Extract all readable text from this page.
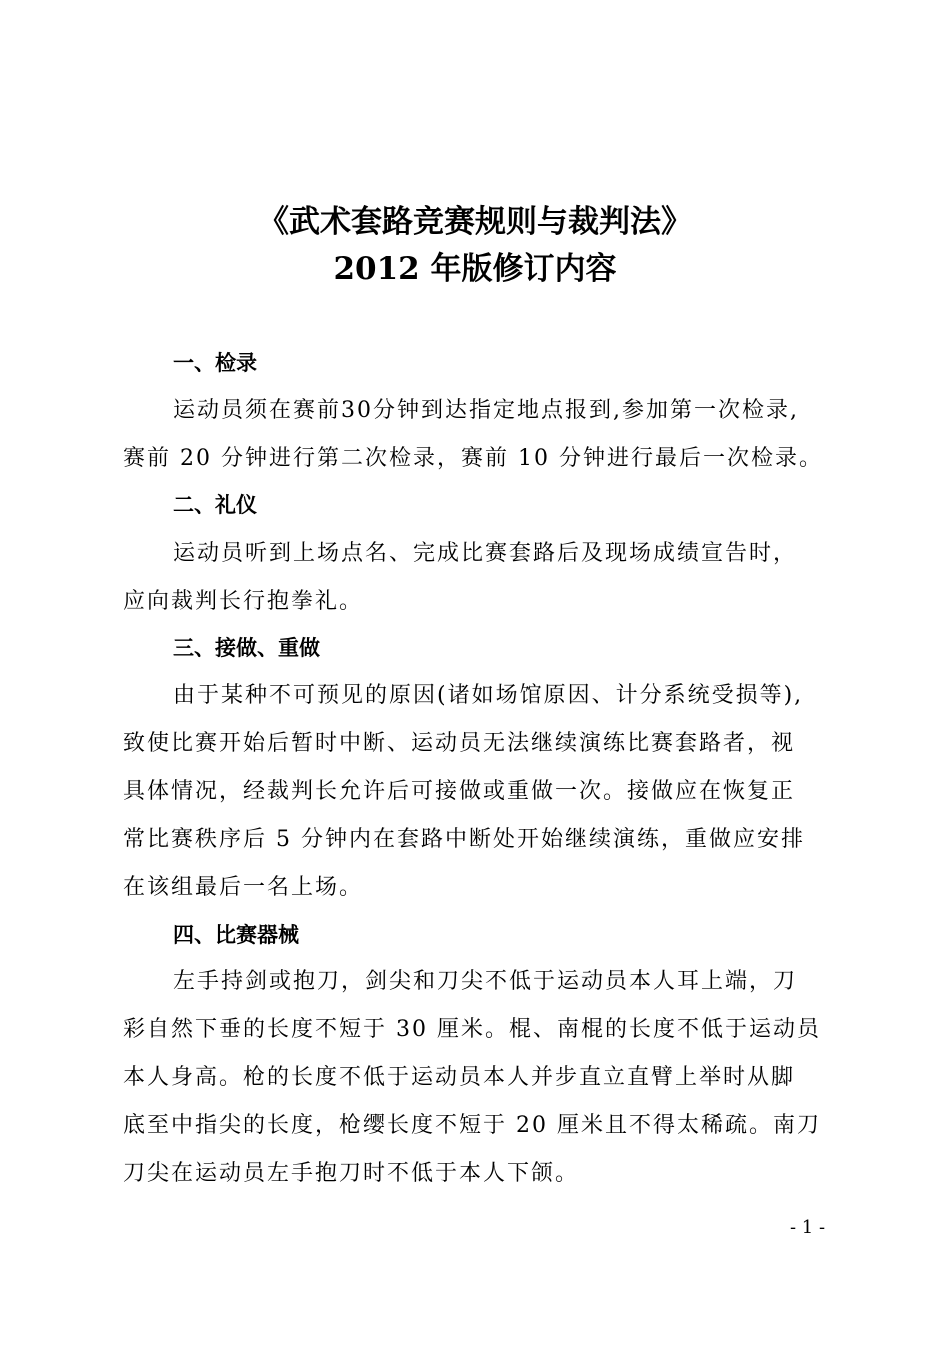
《武术套路竞赛规则与裁判法》
2012 年版修订内容
一、检录

运动员须在赛前30分钟到达指定地点报到,参加第一次检录,
赛前 20 分钟进行第二次检录，赛前 10 分钟进行最后一次检录。

二、礼仪

运动员听到上场点名、完成比赛套路后及现场成绩宣告时，
应向裁判长行抱拳礼。

三、接做、重做

由于某种不可预见的原因(诸如场馆原因、计分系统受损等),
致使比赛开始后暂时中断、运动员无法继续演练比赛套路者，视
具体情况，经裁判长允许后可接做或重做一次。接做应在恢复正
常比赛秩序后 5 分钟内在套路中断处开始继续演练，重做应安排
在该组最后一名上场。

四、比赛器械

左手持剑或抱刀，剑尖和刀尖不低于运动员本人耳上端，刀
彩自然下垂的长度不短于 30 厘米。棍、南棍的长度不低于运动员
本人身高。枪的长度不低于运动员本人并步直立直臂上举时从脚
底至中指尖的长度，枪缨长度不短于 20 厘米且不得太稀疏。南刀
刀尖在运动员左手抱刀时不低于本人下颌。

- 1 -
